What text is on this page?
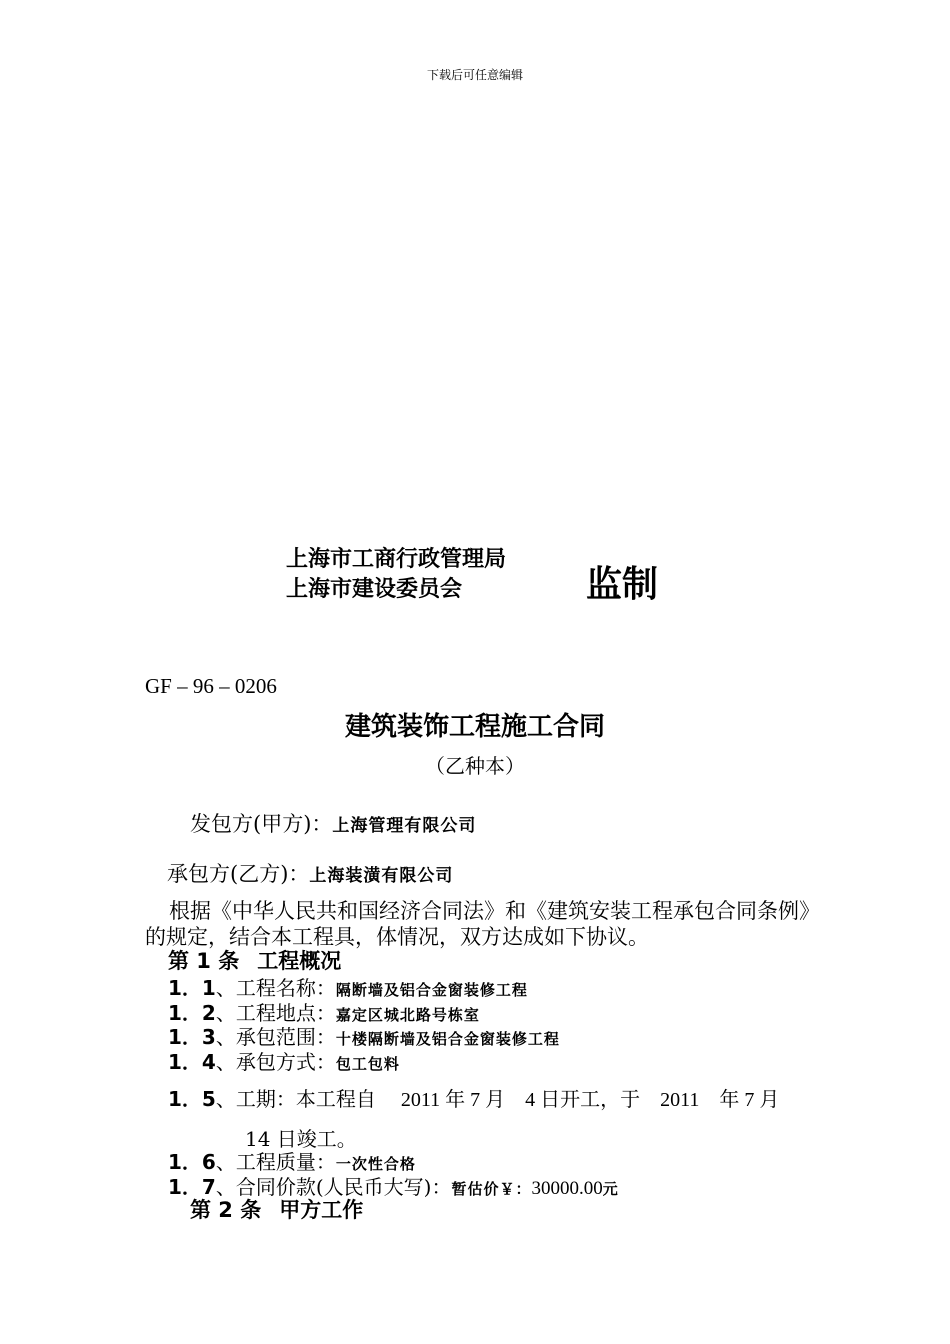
下载后可任意编辑
上海市工商行政管理局
上海市建设委员会	监制
GF – 96 – 0206
建筑装饰工程施工合同
（乙种本）
发包方(甲方)：上海管理有限公司
承包方(乙方)：上海装潢有限公司
根据《中华人民共和国经济合同法》和《建筑安装工程承包合同条例》的规定，结合本工程具，体情况，双方达成如下协议。
第 1 条 工程概况
1．1、工程名称：隔断墙及铝合金窗装修工程
1．2、工程地点：嘉定区城北路号栋室
1．3、承包范围：十楼隔断墙及铝合金窗装修工程
1．4、承包方式：包工包料
1．5、工期：本工程自　 2011 年 7 月　4 日开工，于　2011　年 7 月
14 日竣工。
1．6、工程质量：一次性合格
1．7、合同价款(人民币大写)：暂估价￥：30000.00元
第 2 条 甲方工作
